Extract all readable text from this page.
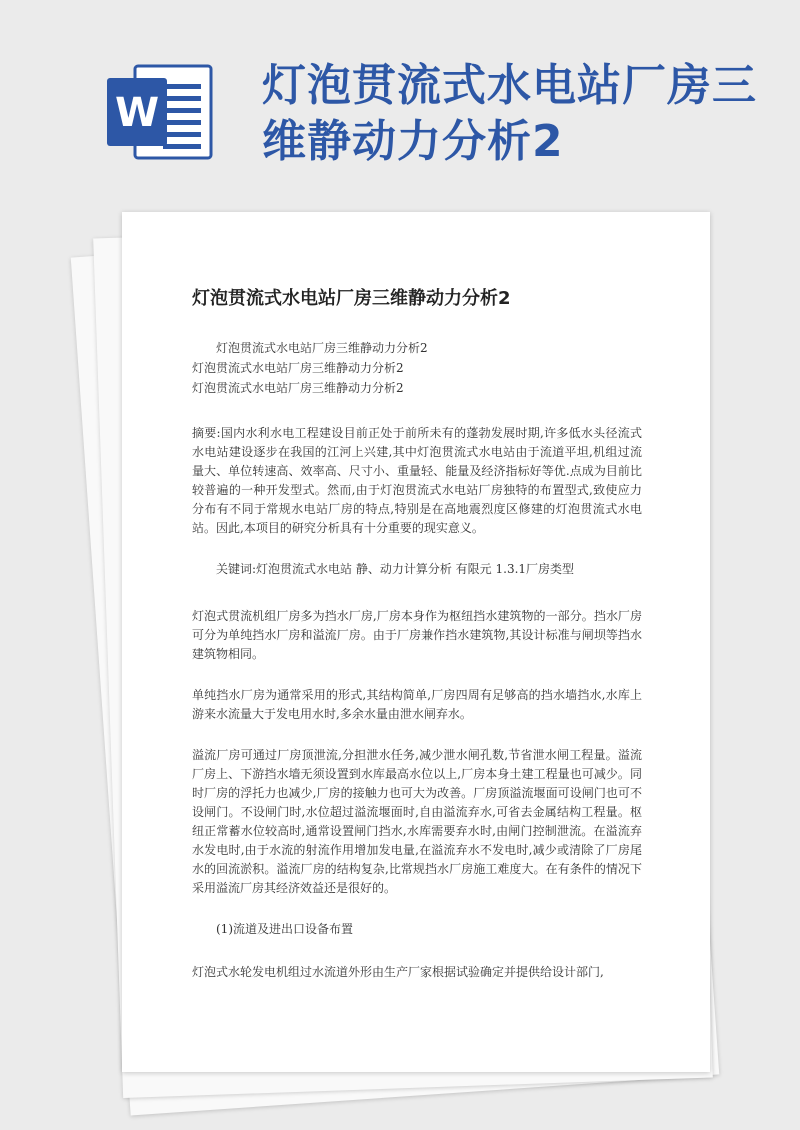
W
灯泡贯流式水电站厂房三维静动力分析2
灯泡贯流式水电站厂房三维静动力分析2
灯泡贯流式水电站厂房三维静动力分析2
灯泡贯流式水电站厂房三维静动力分析2
灯泡贯流式水电站厂房三维静动力分析2
摘要:国内水利水电工程建设目前正处于前所未有的蓬勃发展时期,许多低水头径流式水电站建设逐步在我国的江河上兴建,其中灯泡贯流式水电站由于流道平坦,机组过流量大、单位转速高、效率高、尺寸小、重量轻、能量及经济指标好等优.点成为目前比较普遍的一种开发型式。然而,由于灯泡贯流式水电站厂房独特的布置型式,致使应力分布有不同于常规水电站厂房的特点,特别是在高地震烈度区修建的灯泡贯流式水电站。因此,本项目的研究分析具有十分重要的现实意义。
关键词:灯泡贯流式水电站 静、动力计算分析 有限元 1.3.1厂房类型
灯泡式贯流机组厂房多为挡水厂房,厂房本身作为枢纽挡水建筑物的一部分。挡水厂房可分为单纯挡水厂房和溢流厂房。由于厂房兼作挡水建筑物,其设计标准与闸坝等挡水建筑物相同。
单纯挡水厂房为通常采用的形式,其结构简单,厂房四周有足够高的挡水墙挡水,水库上游来水流量大于发电用水时,多余水量由泄水闸弃水。
溢流厂房可通过厂房顶泄流,分担泄水任务,减少泄水闸孔数,节省泄水闸工程量。溢流厂房上、下游挡水墙无须设置到水库最高水位以上,厂房本身土建工程量也可减少。同时厂房的浮托力也减少,厂房的接触力也可大为改善。厂房顶溢流堰面可设闸门也可不设闸门。不设闸门时,水位超过溢流堰面时,自由溢流弃水,可省去金属结构工程量。枢纽正常蓄水位较高时,通常设置闸门挡水,水库需要弃水时,由闸门控制泄流。在溢流弃水发电时,由于水流的射流作用增加发电量,在溢流弃水不发电时,减少或清除了厂房尾水的回流淤积。溢流厂房的结构复杂,比常规挡水厂房施工难度大。在有条件的情况下采用溢流厂房其经济效益还是很好的。
(1)流道及进出口设备布置
灯泡式水轮发电机组过水流道外形由生产厂家根据试验确定并提供给设计部门,
